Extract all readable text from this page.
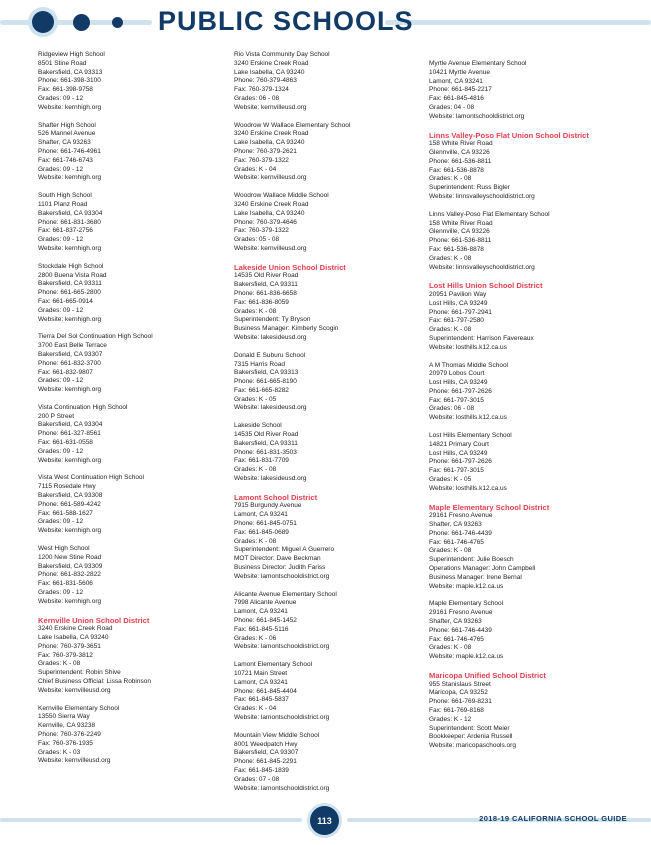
PUBLIC SCHOOLS
Ridgeview High School
8501 Stine Road
Bakersfield, CA 93313
Phone: 661-398-3100
Fax: 661-398-9758
Grades: 09 - 12
Website: kernhigh.org
Shafter High School
526 Mannel Avenue
Shafter, CA 93263
Phone: 661-746-4961
Fax: 661-746-6743
Grades: 09 - 12
Website: kernhigh.org
South High School
1101 Planz Road
Bakersfield, CA 93304
Phone: 661-831-3680
Fax: 661-837-2756
Grades: 09 - 12
Website: kernhigh.org
Stockdale High School
2800 Buena Vista Road
Bakersfield, CA 93311
Phone: 661-665-2800
Fax: 661-665-0914
Grades: 09 - 12
Website: kernhigh.org
Tierra Del Sol Continuation High School
3700 East Belle Terrace
Bakersfield, CA 93307
Phone: 661-832-3700
Fax: 661-832-9807
Grades: 09 - 12
Website: kernhigh.org
Vista Continuation High School
200 P Street
Bakersfield, CA 93304
Phone: 661-327-8561
Fax: 661-631-0558
Grades: 09 - 12
Website: kernhigh.org
Vista West Continuation High School
7115 Rosedale Hwy
Bakersfield, CA 93308
Phone: 661-589-4242
Fax: 661-588-1627
Grades: 09 - 12
Website: kernhigh.org
West High School
1200 New Stine Road
Bakersfield, CA 93309
Phone: 661-832-2822
Fax: 661-831-5606
Grades: 09 - 12
Website: kernhigh.org
Kernville Union School District
3240 Erskine Creek Road
Lake Isabella, CA 93240
Phone: 760-379-3651
Fax: 760-379-3812
Grades: K - 08
Superintendent: Robin Shive
Chief Business Official: Lissa Robinson
Website: kernvilleusd.org
Kernville Elementary School
13550 Sierra Way
Kernville, CA 93238
Phone: 760-376-2249
Fax: 760-376-1935
Grades: K - 03
Website: kernvilleusd.org
Rio Vista Community Day School
3240 Erskine Creek Road
Lake Isabella, CA 93240
Phone: 760-379-4863
Fax: 760-379-1324
Grades: 06 - 08
Website: kernvilleusd.org
Woodrow W Wallace Elementary School
3240 Erskine Creek Road
Lake Isabella, CA 93240
Phone: 760-379-2621
Fax: 760-379-1322
Grades: K - 04
Website: kernvilleusd.org
Woodrow Wallace Middle School
3240 Erskine Creek Road
Lake Isabella, CA 93240
Phone: 760-379-4646
Fax: 760-379-1322
Grades: 05 - 08
Website: kernvilleusd.org
Lakeside Union School District
14535 Old River Road
Bakersfield, CA 93311
Phone: 661-836-6658
Fax: 661-836-8059
Grades: K - 08
Superintendent: Ty Bryson
Business Manager: Kimberly Scogin
Website: lakesideusd.org
Donald E Suburu School
7315 Harris Road
Bakersfield, CA 93313
Phone: 661-665-8190
Fax: 661-665-8282
Grades: K - 05
Website: lakesideusd.org
Lakeside School
14535 Old River Road
Bakersfield, CA 93311
Phone: 661-831-3503
Fax: 661-831-7709
Grades: K - 08
Website: lakesideusd.org
Lamont School District
7915 Burgundy Avenue
Lamont, CA 93241
Phone: 661-845-0751
Fax: 661-845-0689
Grades: K - 08
Superintendent: Miguel A Guerrero
MOT Director: Dave Beckman
Business Director: Judith Fariss
Website: lamontschooldistrict.org
Alicante Avenue Elementary School
7998 Alicante Avenue
Lamont, CA 93241
Phone: 661-845-1452
Fax: 661-845-5116
Grades: K - 06
Website: lamontschooldistrict.org
Lamont Elementary School
10721 Main Street
Lamont, CA 93241
Phone: 661-845-4404
Fax: 661-845-5837
Grades: K - 04
Website: lamontschooldistrict.org
Mountain View Middle School
8001 Weedpatch Hwy
Bakersfield, CA 93307
Phone: 661-845-2291
Fax: 661-845-1839
Grades: 07 - 08
Website: lamontschooldistrict.org
Myrtle Avenue Elementary School
10421 Myrtle Avenue
Lamont, CA 93241
Phone: 661-845-2217
Fax: 661-845-4816
Grades: 04 - 08
Website: lamontschooldistrict.org
Linns Valley-Poso Flat Union School District
158 White River Road
Glennville, CA 93226
Phone: 661-536-8811
Fax: 661-536-8878
Grades: K - 08
Superintendent: Russ Bigler
Website: linnsvalleyschooldistrict.org
Linns Valley-Poso Flat Elementary School
158 White River Road
Glennville, CA 93226
Phone: 661-536-8811
Fax: 661-536-8878
Grades: K - 08
Website: linnsvalleyschooldistrict.org
Lost Hills Union School District
20951 Pavilion Way
Lost Hills, CA 93249
Phone: 661-797-2941
Fax: 661-797-2580
Grades: K - 08
Superintendent: Harrison Favereaux
Website: losthills.k12.ca.us
A M Thomas Middle School
20979 Lobos Court
Lost Hills, CA 93249
Phone: 661-797-2626
Fax: 661-797-3015
Grades: 06 - 08
Website: losthills.k12.ca.us
Lost Hills Elementary School
14821 Primary Court
Lost Hills, CA 93249
Phone: 661-797-2626
Fax: 661-797-3015
Grades: K - 05
Website: losthills.k12.ca.us
Maple Elementary School District
29161 Fresno Avenue
Shafter, CA 93263
Phone: 661-746-4439
Fax: 661-746-4765
Grades: K - 08
Superintendent: Julie Boesch
Operations Manager: John Campbell
Business Manager: Irene Bernal
Website: maple.k12.ca.us
Maple Elementary School
29161 Fresno Avenue
Shafter, CA 93263
Phone: 661-746-4439
Fax: 661-746-4765
Grades: K - 08
Website: maple.k12.ca.us
Maricopa Unified School District
955 Stanislaus Street
Maricopa, CA 93252
Phone: 661-769-8231
Fax: 661-769-8168
Grades: K - 12
Superintendent: Scott Meier
Bookkeeper: Ardenia Russell
Website: maricopaschools.org
113	2018-19 CALIFORNIA SCHOOL GUIDE
